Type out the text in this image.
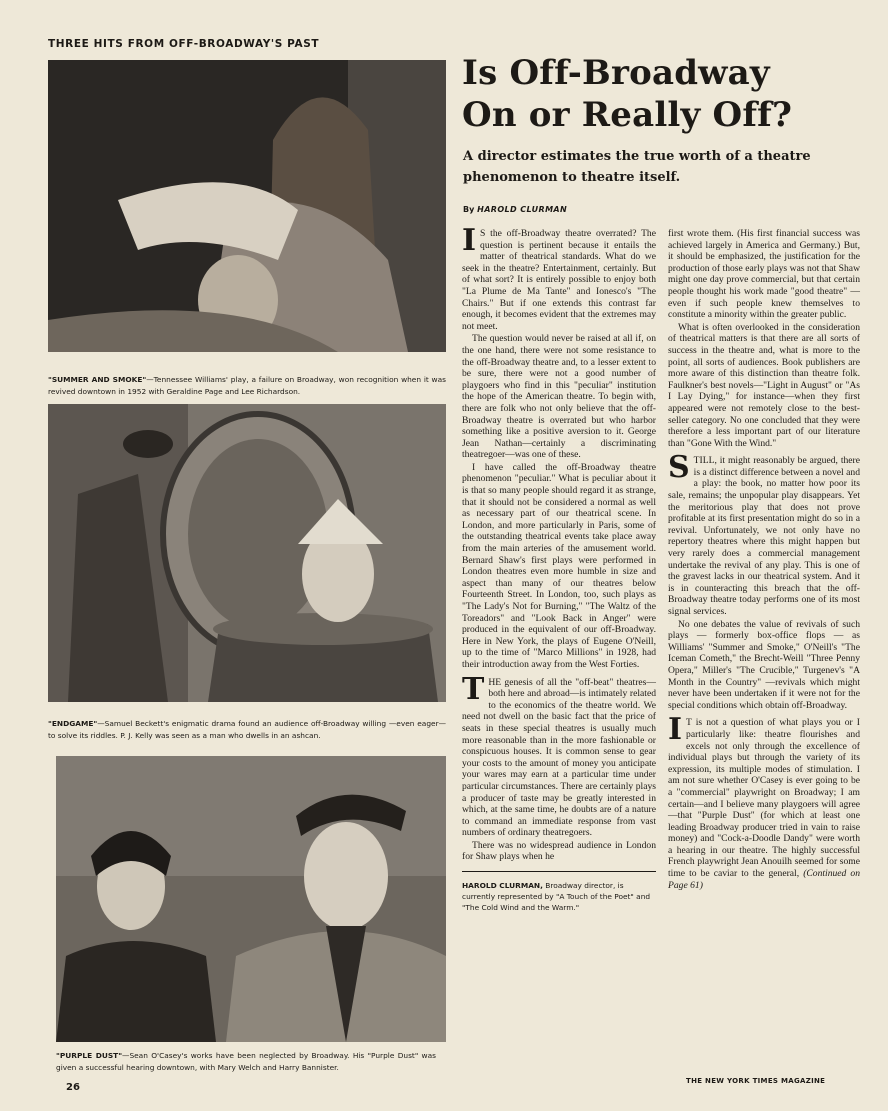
THREE HITS FROM OFF-BROADWAY'S PAST
"SUMMER AND SMOKE"—Tennessee Williams' play, a failure on Broadway, won recognition when it was revived downtown in 1952 with Geraldine Page and Lee Richardson.
"ENDGAME"—Samuel Beckett's enigmatic drama found an audience off-Broadway willing —even eager—to solve its riddles. P. J. Kelly was seen as a man who dwells in an ashcan.
"PURPLE DUST"—Sean O'Casey's works have been neglected by Broadway. His "Purple Dust" was given a successful hearing downtown, with Mary Welch and Harry Bannister.
Is Off-Broadway
On or Really Off?
A director estimates the true worth of a theatre phenomenon to theatre itself.
By HAROLD CLURMAN

I S the off-Broadway theatre overrated? The question is pertinent because it entails the matter of theatrical standards. What do we seek in the theatre? Entertainment, certainly. But of what sort? It is entirely possible to enjoy both "La Plume de Ma Tante" and Ionesco's "The Chairs." But if one extends this contrast far enough, it becomes evident that the extremes may not meet.

The question would never be raised at all if, on the one hand, there were not some resistance to the off-Broadway theatre and, to a lesser extent to be sure, there were not a good number of playgoers who find in this "peculiar" institution the hope of the American theatre. To begin with, there are folk who not only believe that the off-Broadway theatre is overrated but who harbor something like a positive aversion to it. George Jean Nathan—certainly a discriminating theatregoer—was one of these.

I have called the off-Broadway theatre phenomenon "peculiar." What is peculiar about it is that so many people should regard it as strange, that it should not be considered a normal as well as necessary part of our theatrical scene. In London, and more particularly in Paris, some of the outstanding theatrical events take place away from the main arteries of the amusement world. Bernard Shaw's first plays were performed in London theatres even more humble in size and aspect than many of our theatres below Fourteenth Street. In London, too, such plays as "The Lady's Not for Burning," "The Waltz of the Toreadors" and "Look Back in Anger" were produced in the equivalent of our off-Broadway. Here in New York, the plays of Eugene O'Neill, up to the time of "Marco Millions" in 1928, had their introduction away from the West Forties.

THE genesis of all the "off-beat" theatres—both here and abroad—is intimately related to the economics of the theatre world. We need not dwell on the basic fact that the price of seats in these special theatres is usually much more reasonable than in the more fashionable or conspicuous houses. It is common sense to gear your costs to the amount of money you anticipate your wares may earn at a particular time under particular circumstances. There are certainly plays a producer of taste may be greatly interested in which, at the same time, he doubts are of a nature to command an immediate response from vast numbers of ordinary theatregoers.

There was no widespread audience in London for Shaw plays when he

HAROLD CLURMAN, Broadway director, is currently represented by "A Touch of the Poet" and "The Cold Wind and the Warm."

first wrote them. (His first financial success was achieved largely in America and Germany.) But, it should be emphasized, the justification for the production of those early plays was not that Shaw might one day prove commercial, but that certain people thought his work made "good theatre" —even if such people knew themselves to constitute a minority within the greater public.

What is often overlooked in the consideration of theatrical matters is that there are all sorts of success in the theatre and, what is more to the point, all sorts of audiences. Book publishers are more aware of this distinction than theatre folk. Faulkner's best novels—"Light in August" or "As I Lay Dying," for instance—when they first appeared were not remotely close to the best-seller category. No one concluded that they were therefore a less important part of our literature than "Gone With the Wind."

STILL, it might reasonably be argued, there is a distinct difference between a novel and a play: the book, no matter how poor its sale, remains; the unpopular play disappears. Yet the meritorious play that does not prove profitable at its first presentation might do so in a revival. Unfortunately, we not only have no repertory theatres where this might happen but very rarely does a commercial management undertake the revival of any play. This is one of the gravest lacks in our theatrical system. And it is in counteracting this breach that the off-Broadway theatre today performs one of its most signal services.

No one debates the value of revivals of such plays — formerly box-office flops — as Williams' "Summer and Smoke," O'Neill's "The Iceman Cometh," the Brecht-Weill "Three Penny Opera," Miller's "The Crucible," Turgenev's "A Month in the Country" —revivals which might never have been undertaken if it were not for the special conditions which obtain off-Broadway.

I T is not a question of what plays you or I particularly like: theatre flourishes and excels not only through the excellence of individual plays but through the variety of its expression, its multiple modes of stimulation. I am not sure whether O'Casey is ever going to be a "commercial" playwright on Broadway; I am certain—and I believe many playgoers will agree—that "Purple Dust" (for which at least one leading Broadway producer tried in vain to raise money) and "Cock-a-Doodle Dandy" were worth a hearing in our theatre. The highly successful French playwright Jean Anouilh seemed for some time to be caviar to the general, (Continued on Page 61)

26
THE NEW YORK TIMES MAGAZINE
